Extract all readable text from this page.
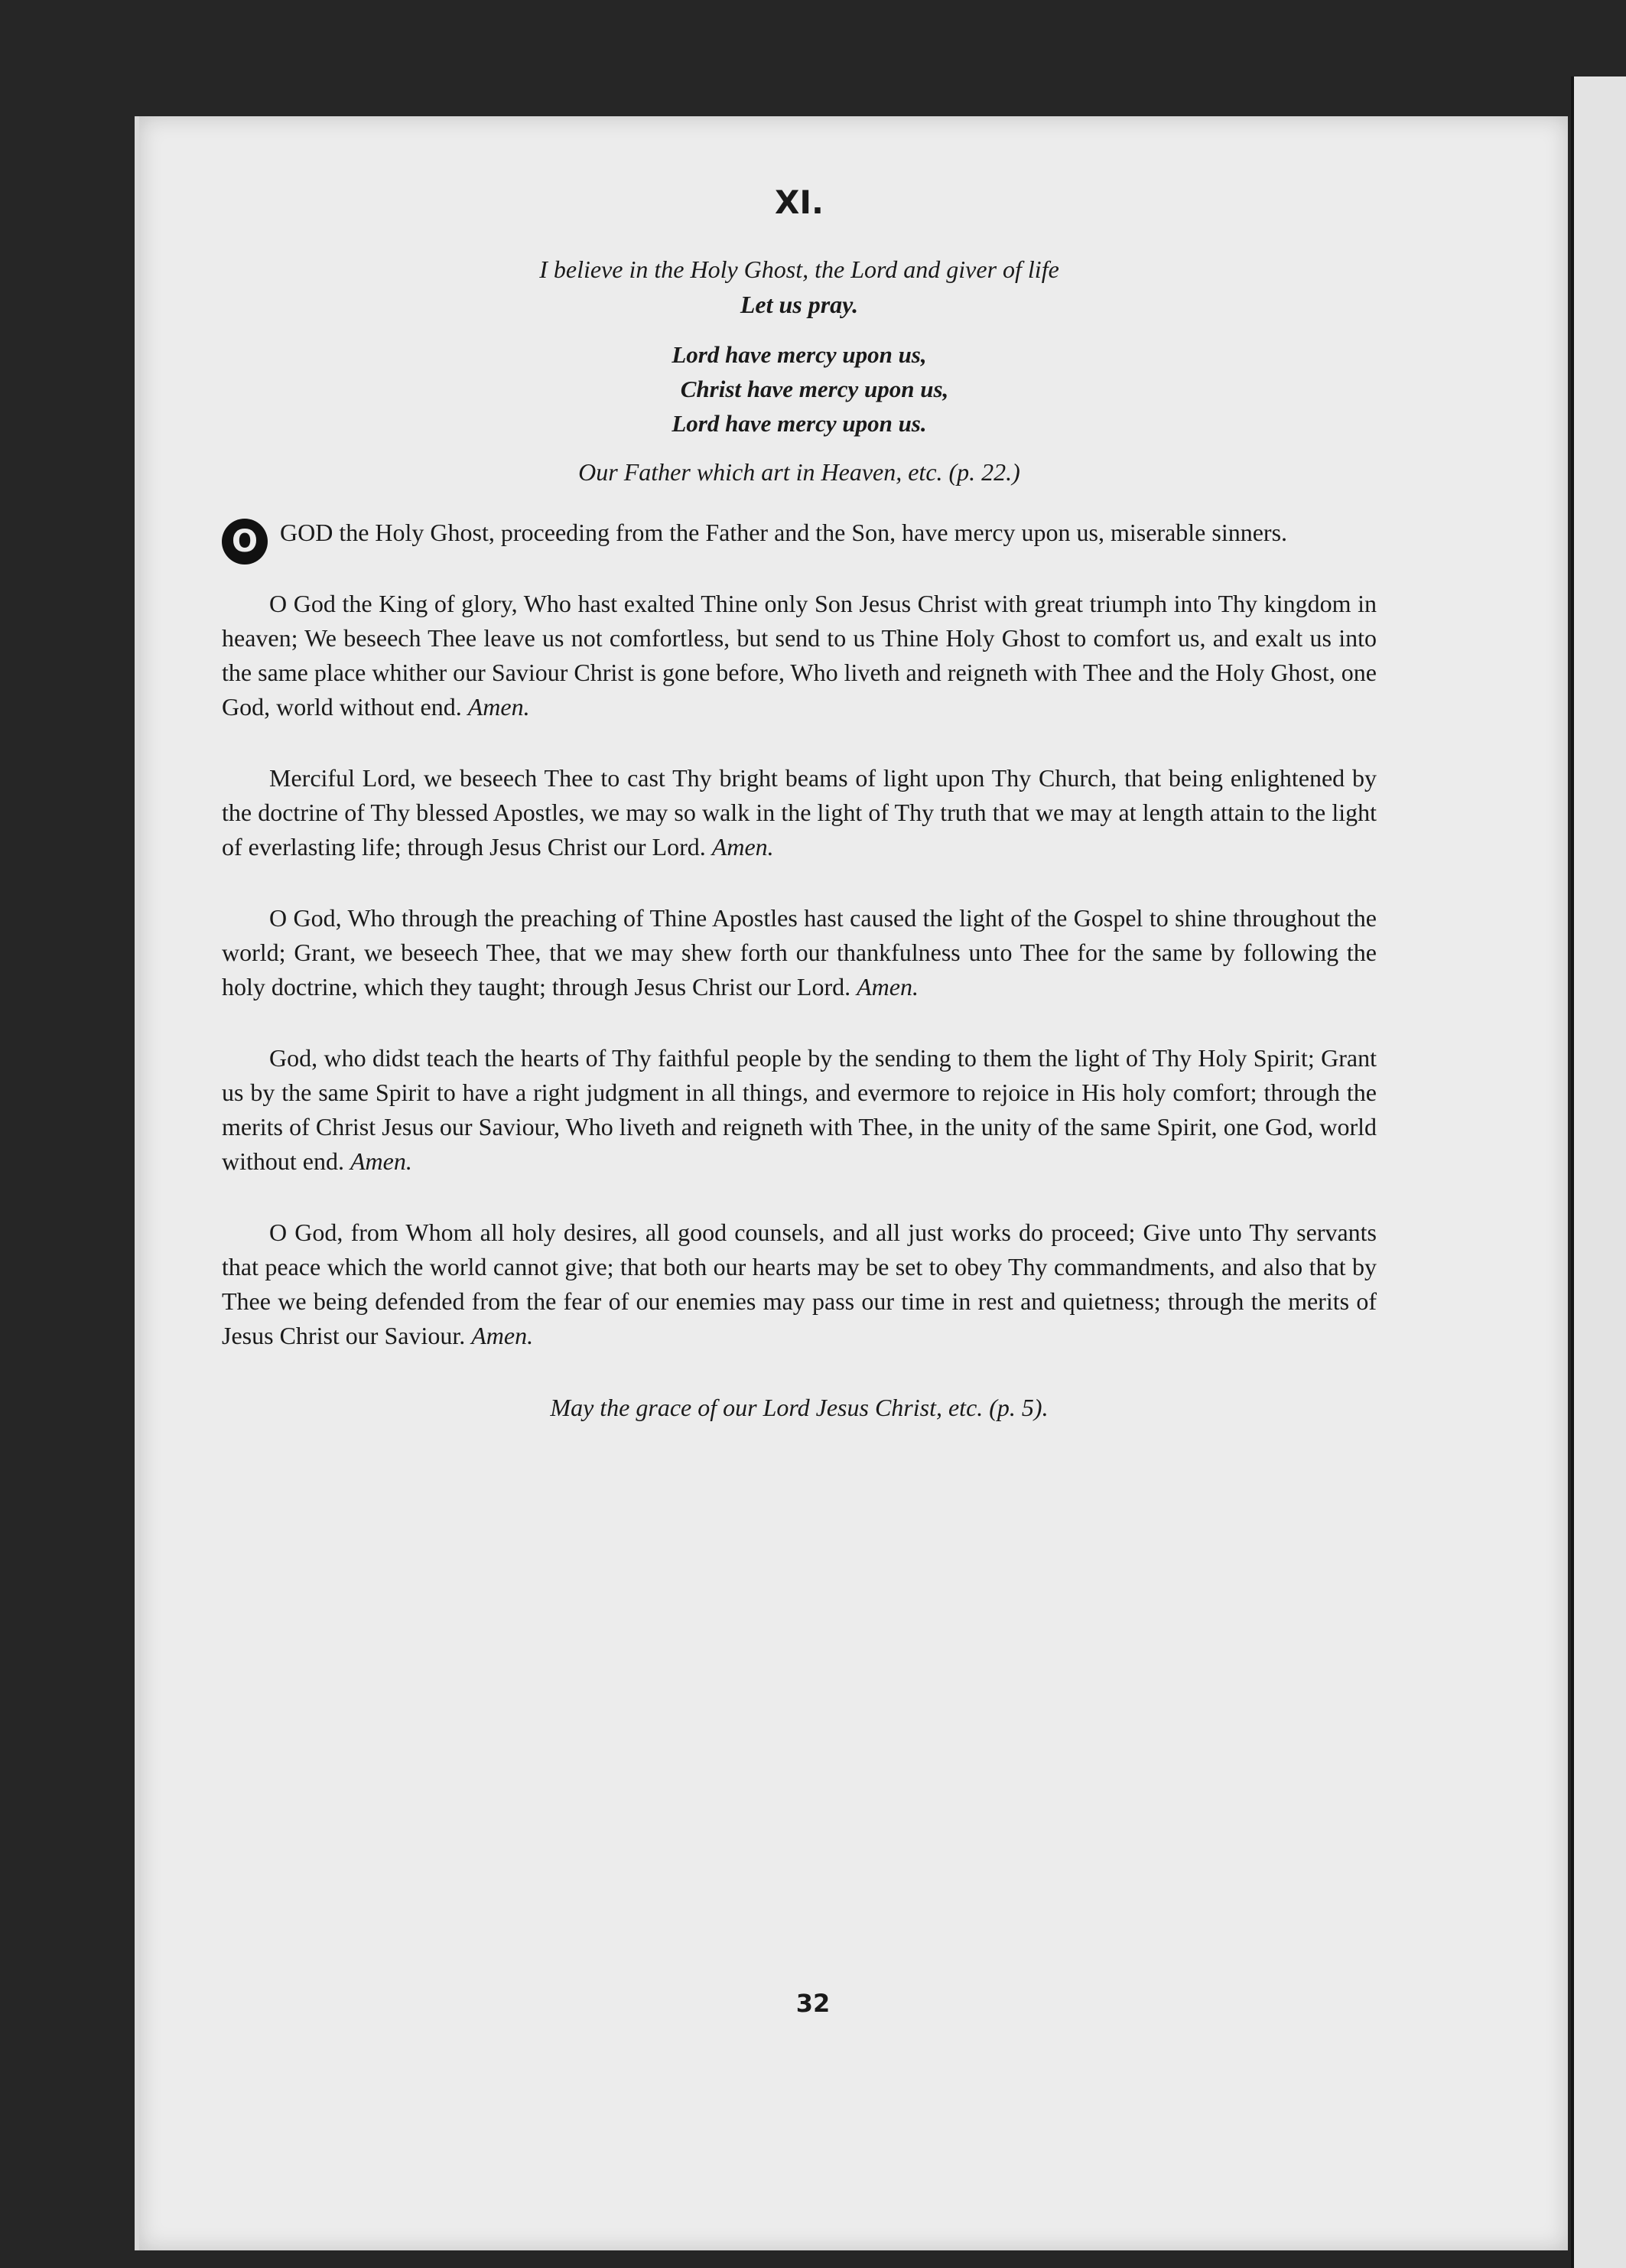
XI.

I believe in the Holy Ghost, the Lord and giver of life

Let us pray.

Lord have mercy upon us,
Christ have mercy upon us,
Lord have mercy upon us.

Our Father which art in Heaven, etc. (p. 22.)

O GOD the Holy Ghost, proceeding from the Father and the Son, have mercy upon us, miserable sinners.

O God the King of glory, Who hast exalted Thine only Son Jesus Christ with great triumph into Thy kingdom in heaven; We beseech Thee leave us not comfortless, but send to us Thine Holy Ghost to comfort us, and exalt us into the same place whither our Saviour Christ is gone before, Who liveth and reigneth with Thee and the Holy Ghost, one God, world without end. Amen.

Merciful Lord, we beseech Thee to cast Thy bright beams of light upon Thy Church, that being enlightened by the doctrine of Thy blessed Apostles, we may so walk in the light of Thy truth that we may at length attain to the light of everlasting life; through Jesus Christ our Lord. Amen.

O God, Who through the preaching of Thine Apostles hast caused the light of the Gospel to shine throughout the world; Grant, we beseech Thee, that we may shew forth our thankfulness unto Thee for the same by following the holy doctrine, which they taught; through Jesus Christ our Lord. Amen.

God, who didst teach the hearts of Thy faithful people by the sending to them the light of Thy Holy Spirit; Grant us by the same Spirit to have a right judgment in all things, and evermore to rejoice in His holy comfort; through the merits of Christ Jesus our Saviour, Who liveth and reigneth with Thee, in the unity of the same Spirit, one God, world without end. Amen.

O God, from Whom all holy desires, all good counsels, and all just works do proceed; Give unto Thy servants that peace which the world cannot give; that both our hearts may be set to obey Thy commandments, and also that by Thee we being defended from the fear of our enemies may pass our time in rest and quietness; through the merits of Jesus Christ our Saviour. Amen.

May the grace of our Lord Jesus Christ, etc. (p. 5).

32
